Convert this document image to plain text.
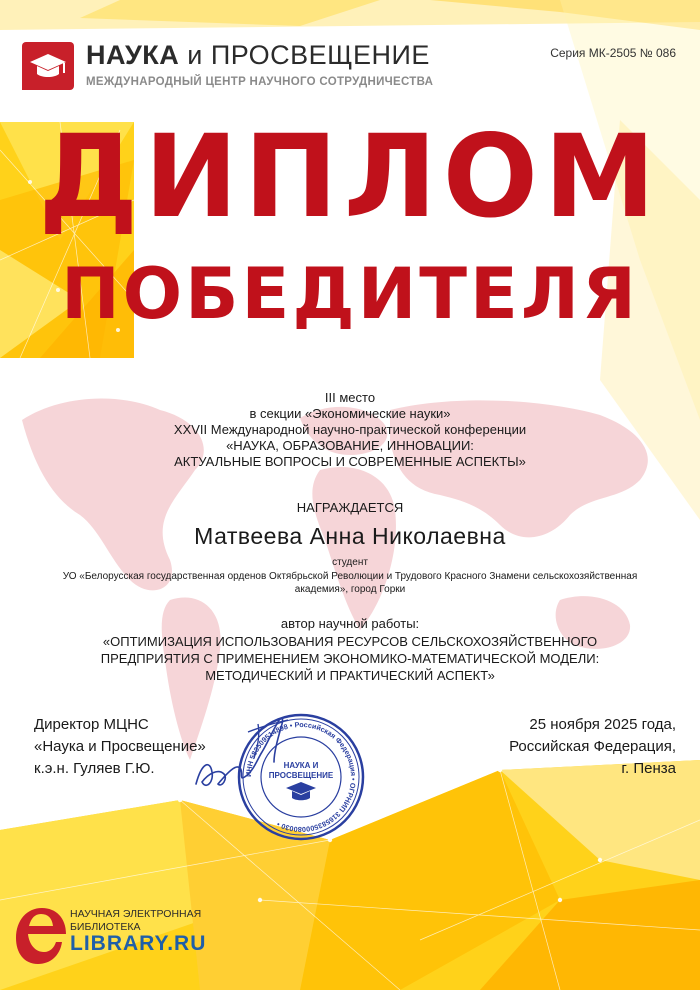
НАУКА и ПРОСВЕЩЕНИЕ
МЕЖДУНАРОДНЫЙ ЦЕНТР НАУЧНОГО СОТРУДНИЧЕСТВА
Серия МК-2505 № 086
ДИПЛОМ
ПОБЕДИТЕЛЯ
III место
в секции «Экономические науки»
XXVII Международной научно-практической конференции
«НАУКА, ОБРАЗОВАНИЕ, ИННОВАЦИИ:
АКТУАЛЬНЫЕ ВОПРОСЫ И СОВРЕМЕННЫЕ АСПЕКТЫ»
НАГРАЖДАЕТСЯ
Матвеева Анна Николаевна
студент
УО «Белорусская государственная орденов Октябрьской Революции и Трудового Красного Знамени сельскохозяйственная
академия», город Горки
автор научной работы:
«ОПТИМИЗАЦИЯ ИСПОЛЬЗОВАНИЯ РЕСУРСОВ СЕЛЬСКОХОЗЯЙСТВЕННОГО
ПРЕДПРИЯТИЯ С ПРИМЕНЕНИЕМ ЭКОНОМИКО-МАТЕМАТИЧЕСКОЙ МОДЕЛИ:
МЕТОДИЧЕСКИЙ И ПРАКТИЧЕСКИЙ АСПЕКТ»
Директор МЦНС
«Наука и Просвещение»
к.э.н. Гуляев Г.Ю.	ИНН 583509514898 • Российская Федерация • ОГРНИП 316583500080030 •
НАУКА И
ПРОСВЕЩЕНИЕ
25 ноября 2025 года,
Российская Федерация,
г. Пенза
НАУЧНАЯ ЭЛЕКТРОННАЯ
БИБЛИОТЕКА
LIBRARY.RU
